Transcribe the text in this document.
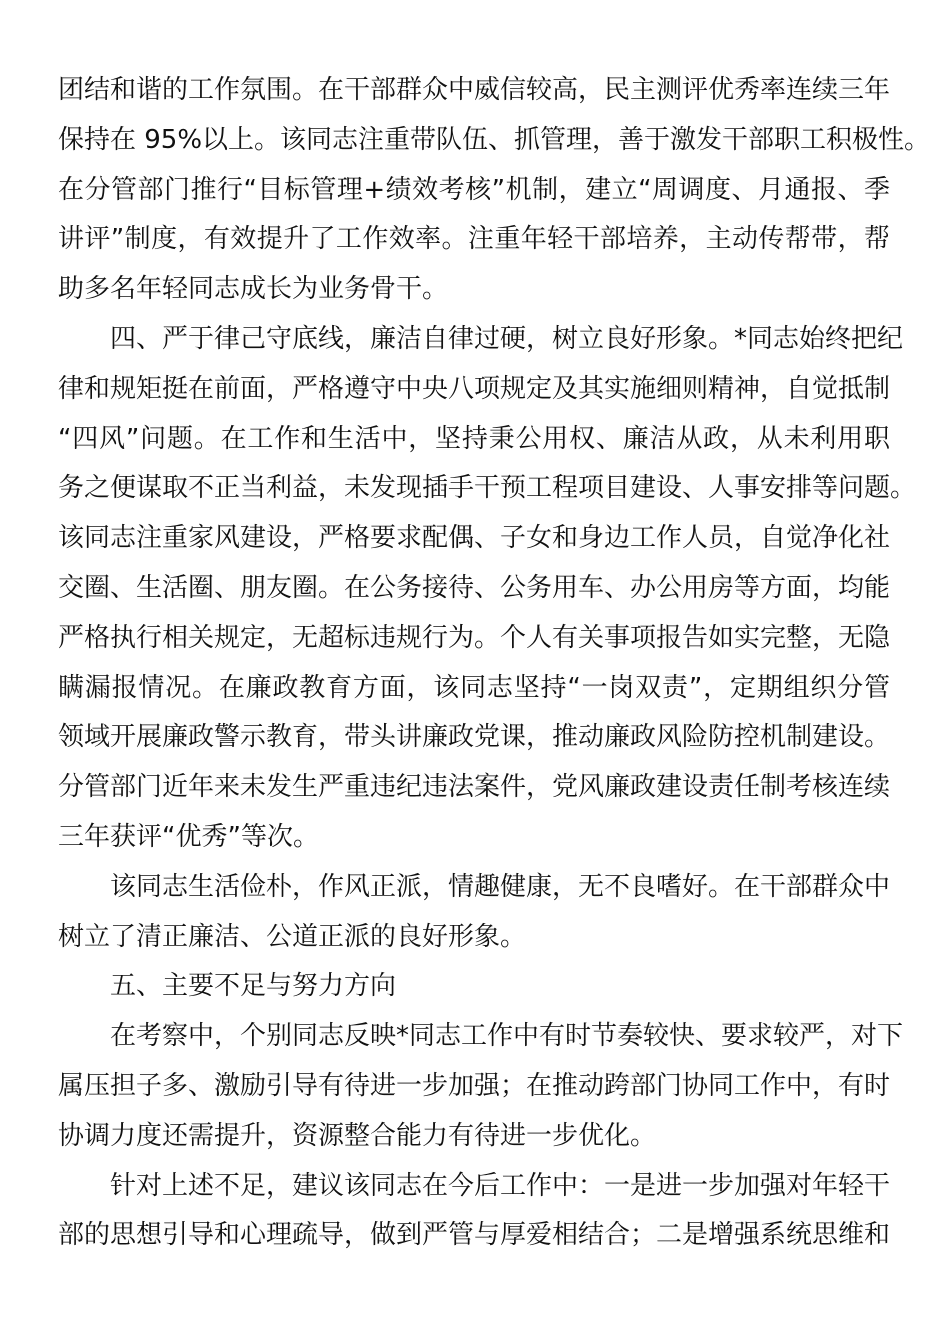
团结和谐的工作氛围。在干部群众中威信较高，民主测评优秀率连续三年
保持在 95%以上。该同志注重带队伍、抓管理，善于激发干部职工积极性。
在分管部门推行“目标管理+绩效考核”机制，建立“周调度、月通报、季
讲评”制度，有效提升了工作效率。注重年轻干部培养，主动传帮带，帮
助多名年轻同志成长为业务骨干。
四、严于律己守底线，廉洁自律过硬，树立良好形象。*同志始终把纪
律和规矩挺在前面，严格遵守中央八项规定及其实施细则精神，自觉抵制
“四风”问题。在工作和生活中，坚持秉公用权、廉洁从政，从未利用职
务之便谋取不正当利益，未发现插手干预工程项目建设、人事安排等问题。
该同志注重家风建设，严格要求配偶、子女和身边工作人员，自觉净化社
交圈、生活圈、朋友圈。在公务接待、公务用车、办公用房等方面，均能
严格执行相关规定，无超标违规行为。个人有关事项报告如实完整，无隐
瞒漏报情况。在廉政教育方面，该同志坚持“一岗双责”，定期组织分管
领域开展廉政警示教育，带头讲廉政党课，推动廉政风险防控机制建设。
分管部门近年来未发生严重违纪违法案件，党风廉政建设责任制考核连续
三年获评“优秀”等次。
该同志生活俭朴，作风正派，情趣健康，无不良嗜好。在干部群众中
树立了清正廉洁、公道正派的良好形象。
五、主要不足与努力方向
在考察中，个别同志反映*同志工作中有时节奏较快、要求较严，对下
属压担子多、激励引导有待进一步加强；在推动跨部门协同工作中，有时
协调力度还需提升，资源整合能力有待进一步优化。
针对上述不足，建议该同志在今后工作中：一是进一步加强对年轻干
部的思想引导和心理疏导，做到严管与厚爱相结合；二是增强系统思维和
